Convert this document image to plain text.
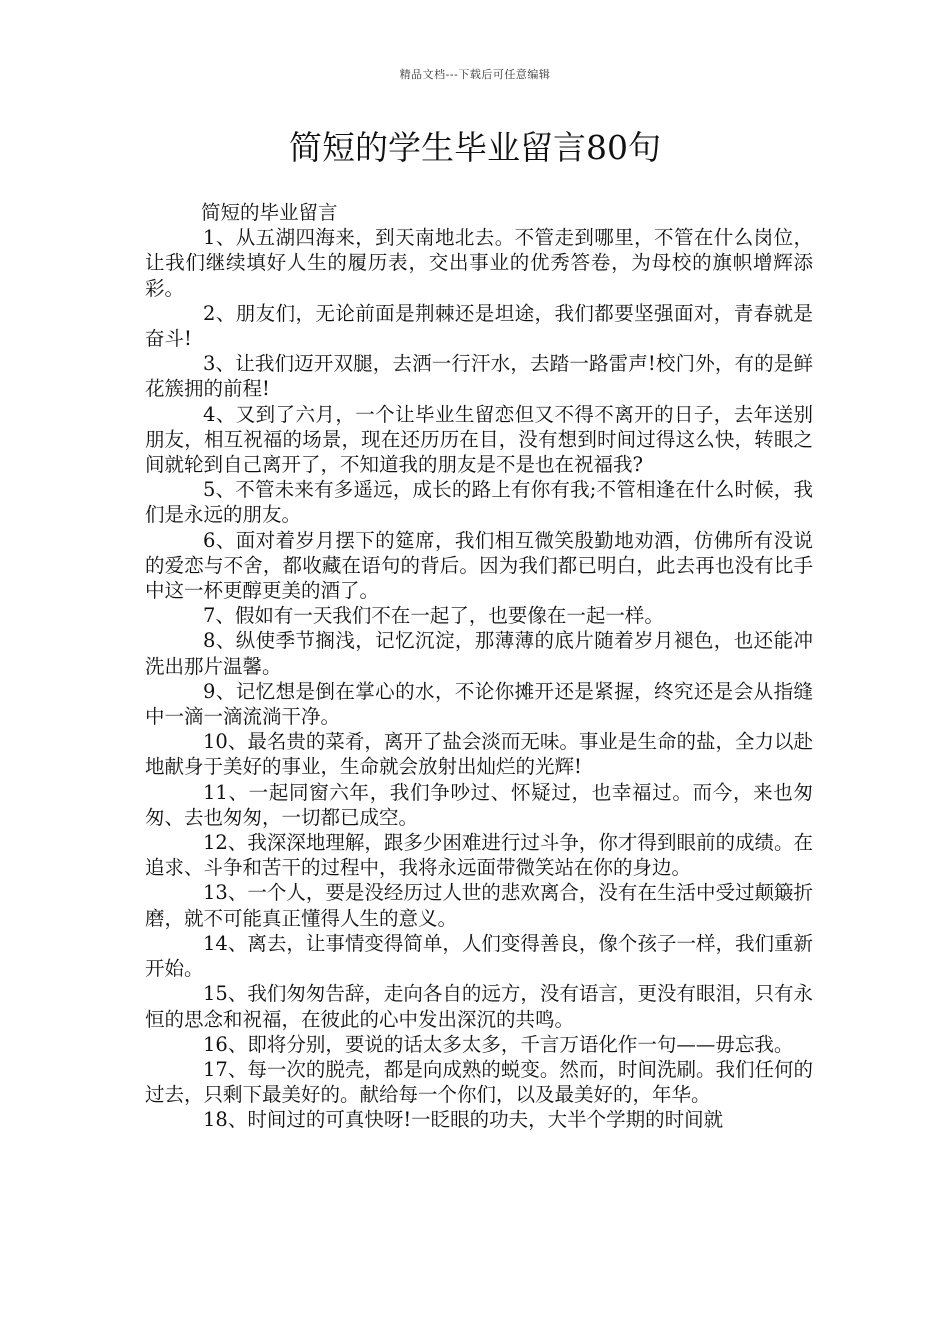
精品文档---下载后可任意编辑
简短的学生毕业留言80句

简短的毕业留言

1、从五湖四海来，到天南地北去。不管走到哪里，不管在什么岗位，让我们继续填好人生的履历表，交出事业的优秀答卷，为母校的旗帜增辉添彩。

2、朋友们，无论前面是荆棘还是坦途，我们都要坚强面对，青春就是奋斗!

3、让我们迈开双腿，去洒一行汗水，去踏一路雷声!校门外，有的是鲜花簇拥的前程!

4、又到了六月，一个让毕业生留恋但又不得不离开的日子，去年送别朋友，相互祝福的场景，现在还历历在目，没有想到时间过得这么快，转眼之间就轮到自己离开了，不知道我的朋友是不是也在祝福我?

5、不管未来有多遥远，成长的路上有你有我;不管相逢在什么时候，我们是永远的朋友。

6、面对着岁月摆下的筵席，我们相互微笑殷勤地劝酒，仿佛所有没说的爱恋与不舍，都收藏在语句的背后。因为我们都已明白，此去再也没有比手中这一杯更醇更美的酒了。

7、假如有一天我们不在一起了，也要像在一起一样。

8、纵使季节搁浅，记忆沉淀，那薄薄的底片随着岁月褪色，也还能冲洗出那片温馨。

9、记忆想是倒在掌心的水，不论你摊开还是紧握，终究还是会从指缝中一滴一滴流淌干净。

10、最名贵的菜肴，离开了盐会淡而无味。事业是生命的盐，全力以赴地献身于美好的事业，生命就会放射出灿烂的光辉!

11、一起同窗六年，我们争吵过、怀疑过，也幸福过。而今，来也匆匆、去也匆匆，一切都已成空。

12、我深深地理解，跟多少困难进行过斗争，你才得到眼前的成绩。在追求、斗争和苦干的过程中，我将永远面带微笑站在你的身边。

13、一个人，要是没经历过人世的悲欢离合，没有在生活中受过颠簸折磨，就不可能真正懂得人生的意义。

14、离去，让事情变得简单，人们变得善良，像个孩子一样，我们重新开始。

15、我们匆匆告辞，走向各自的远方，没有语言，更没有眼泪，只有永恒的思念和祝福，在彼此的心中发出深沉的共鸣。

16、即将分别，要说的话太多太多，千言万语化作一句——毋忘我。

17、每一次的脱壳，都是向成熟的蜕变。然而，时间洗刷。我们任何的过去，只剩下最美好的。献给每一个你们，以及最美好的，年华。

18、时间过的可真快呀!一眨眼的功夫，大半个学期的时间就
